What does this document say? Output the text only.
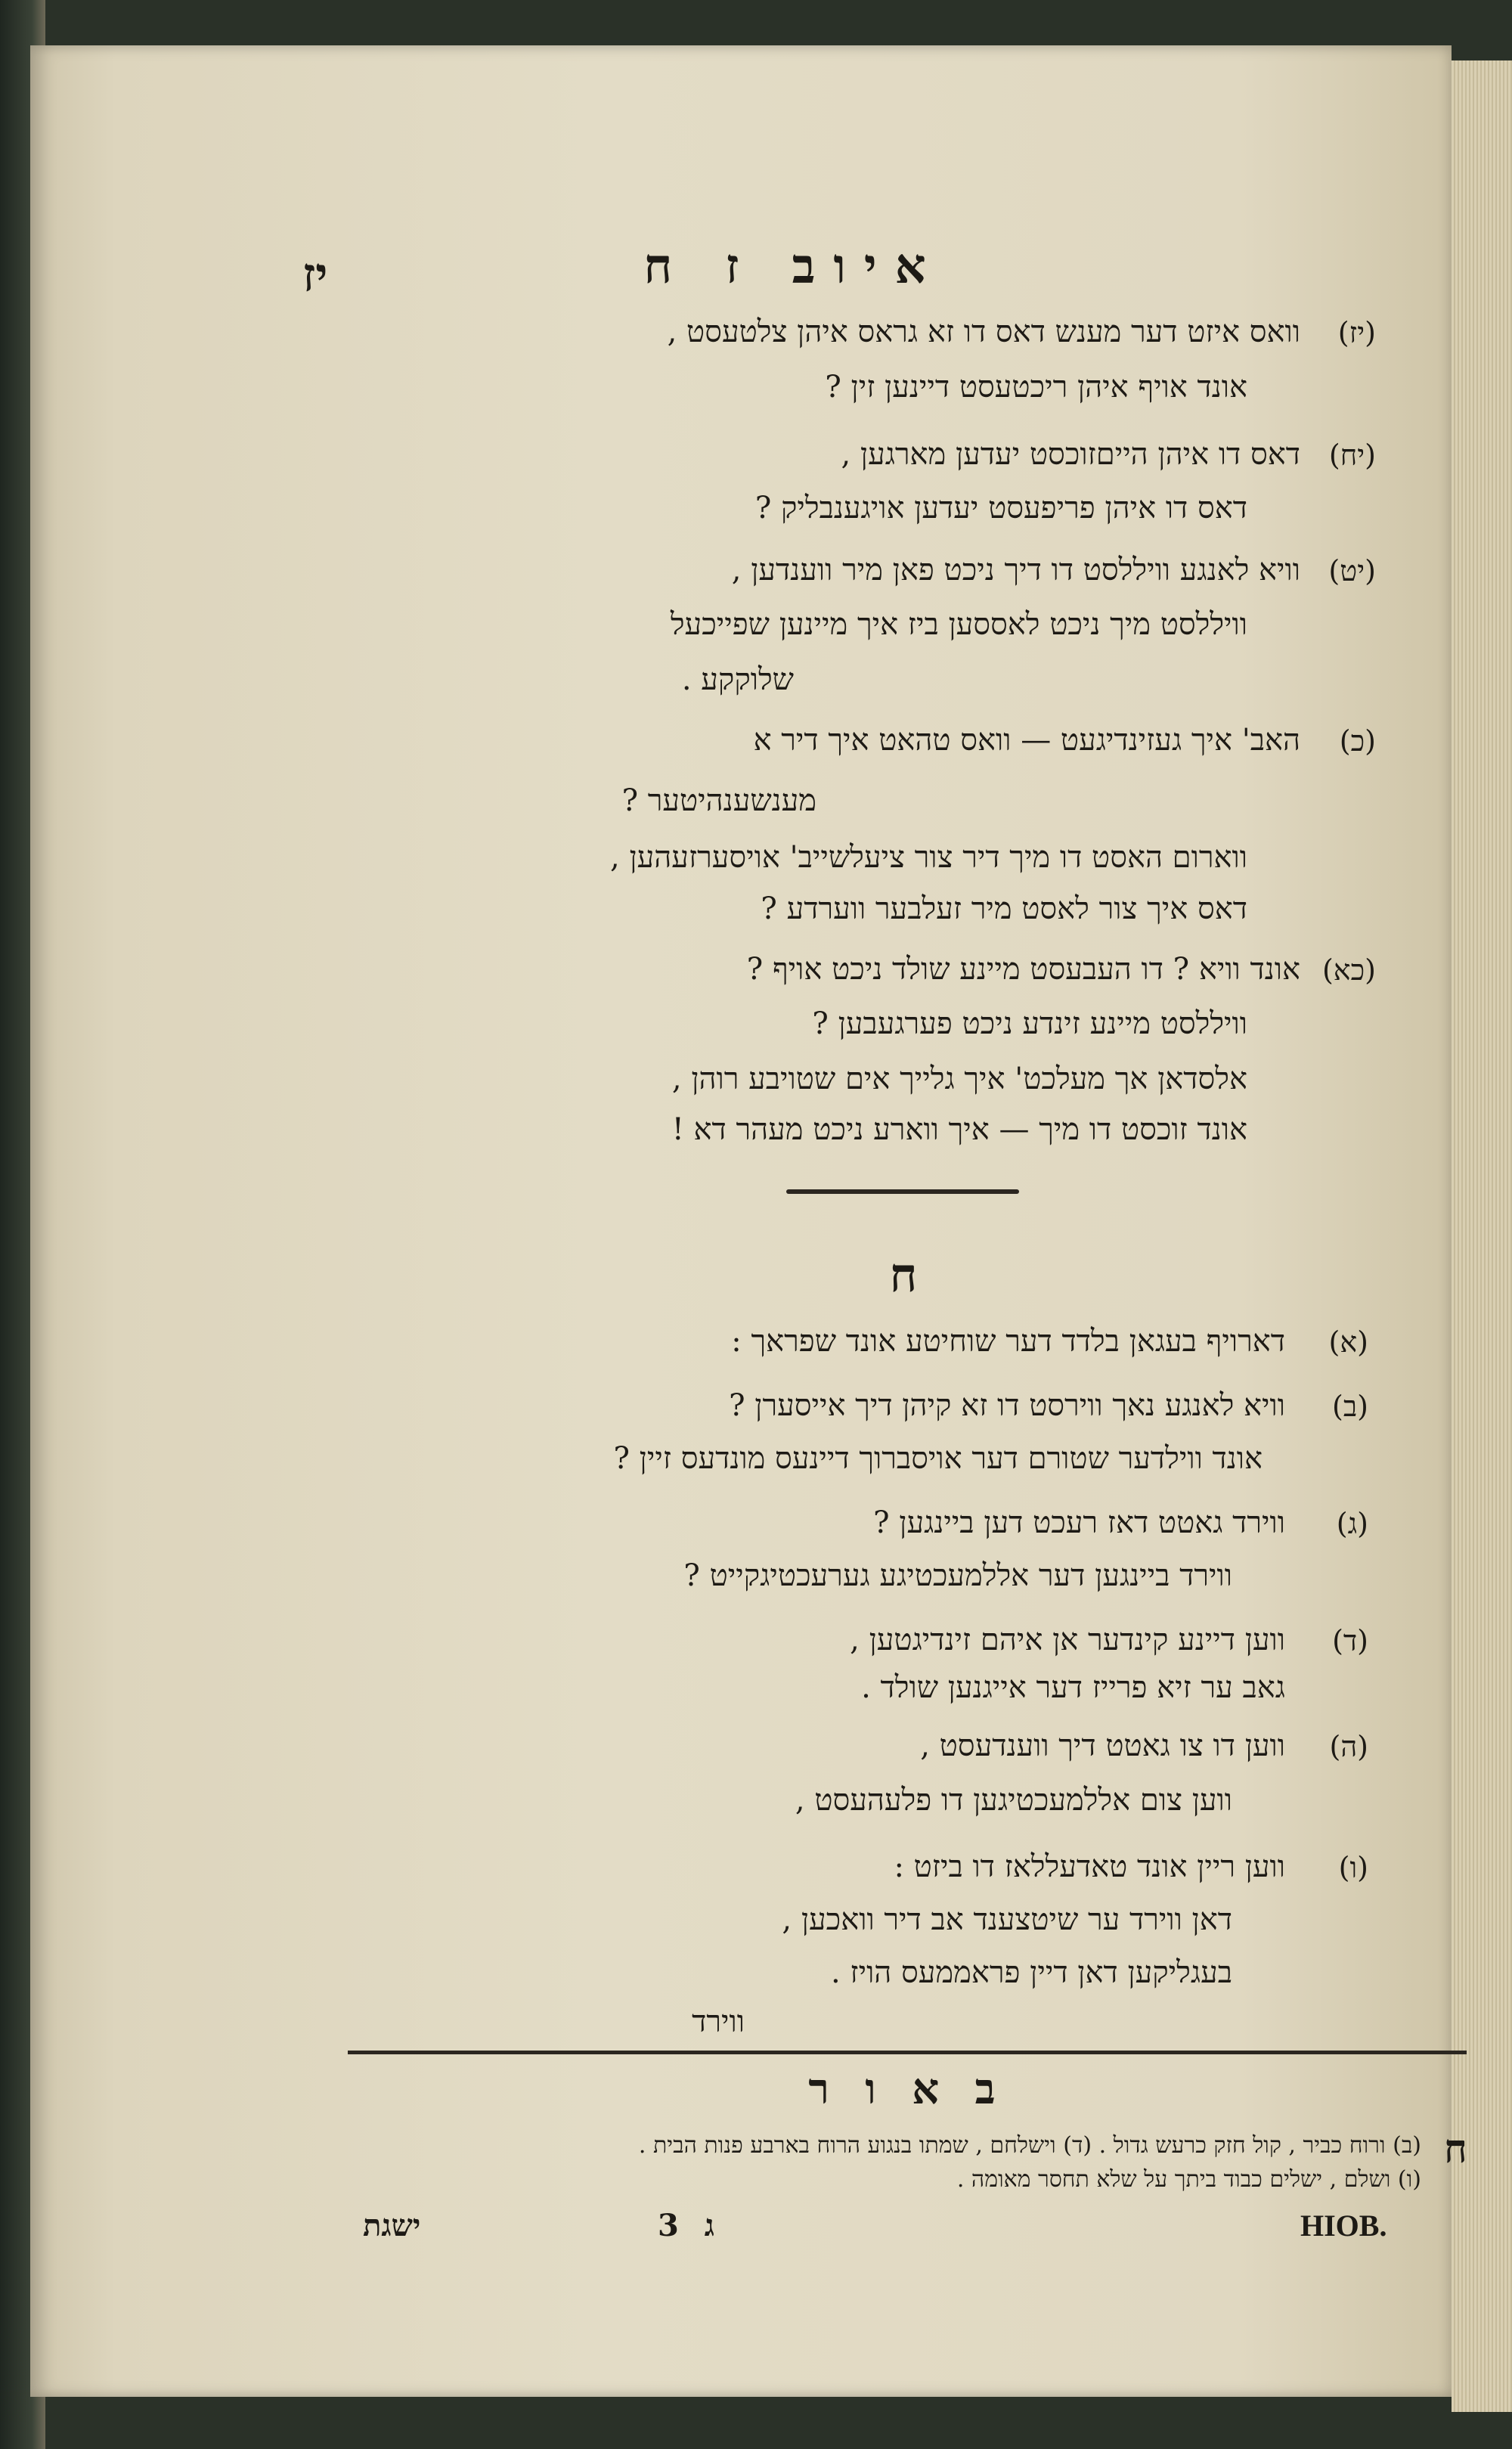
איוב ז ח
יז
וואס איזט דער מענש דאס דו זא גראס איהן צלטעסט , (יז)
אונד אויף איהן ריכטעסט דיינען זין ?
דאס דו איהן הייםזוכסט יעדען מארגען , (יח)
דאס דו איהן פריפעסט יעדען אויגענבליק ?
וויא לאנגע וויללסט דו דיך ניכט פאן מיר ווענדען , (יט)
וויללסט מיך ניכט לאססען ביז איך מיינען שפייכעל
שלוקקע .
האב' איך געזינדיגעט — וואס טהאט איך דיר א (כ)
מענשענהיטער ?
ווארום האסט דו מיך דיר צור ציעלשייב' אויסערזעהען ,
דאס איך צור לאסט מיר זעלבער ווערדע ?
אונד וויא ? דו העבעסט מיינע שולד ניכט אויף ? (כא)
וויללסט מיינע זינדע ניכט פערגעבען ?
אלסדאן אך מעלכט' איך גלייך אים שטויבע רוהן ,
אונד זוכסט דו מיך — איך ווארע ניכט מעהר דא !
ח
דארויף בעגאן בלדד דער שוחיטע אונד שפראך : (א)
וויא לאנגע נאך ווירסט דו זא קיהן דיך אייסערן ? (ב)
אונד ווילדער שטורם דער אויסברוך דיינעס מונדעס זיין ?
ווירד גאטט דאז רעכט דען ביינגען ? (ג)
ווירד ביינגען דער אללמעכטיגע גערעכטיגקייט ?
ווען דיינע קינדער אן איהם זינדיגטען , (ד)
גאב ער זיא פרייז דער אייגנען שולד .
ווען דו צו גאטט דיך ווענדעסט , (ה)
ווען צום אללמעכטיגען דו פלעהעסט ,
ווען ריין אונד טאדעללאז דו ביזט : (ו)
דאן ווירד ער שיטצענד אב דיר וואכען ,
בעגליקען דאן דיין פראממעס הויז .
ווירד
ב א ו ר
ח
(ב) ורוח כביר , קול חזק כרעש גדול . (ד) וישלחם , שמתו בנגוע הרוח בארבע פנות הבית .
(ו) ושלם , ישלים כבוד ביתך על שלא תחסר מאומה .
ישגת	3 ג	HIOB.
